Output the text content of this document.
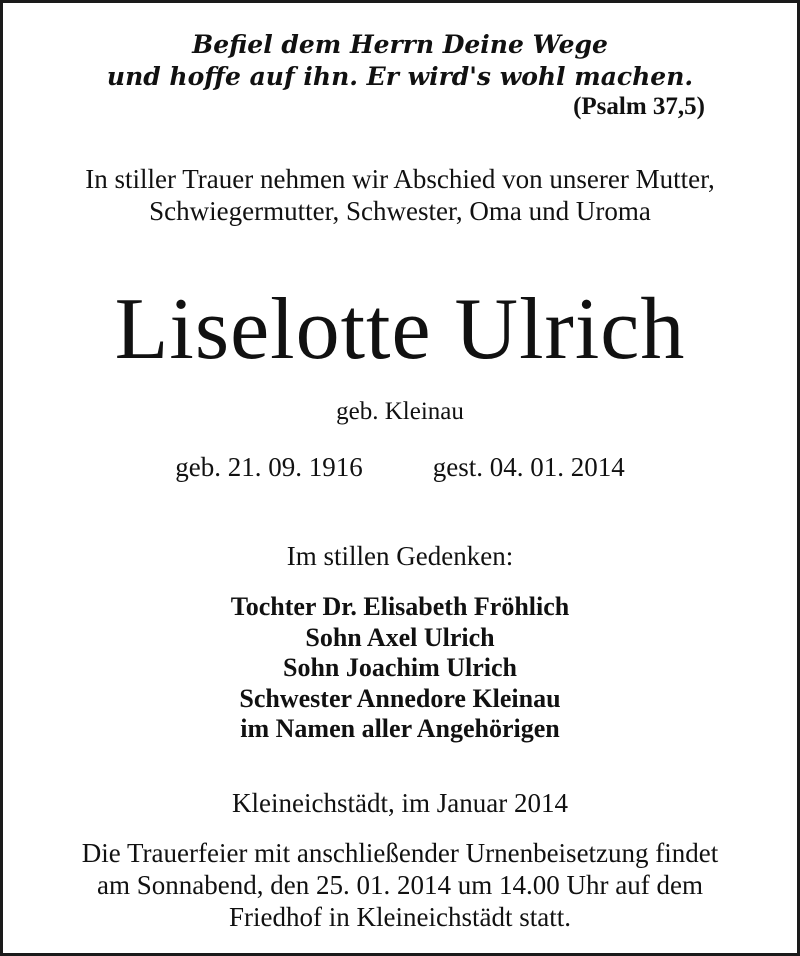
Befiel dem Herrn Deine Wege
und hoffe auf ihn. Er wird's wohl machen.
(Psalm 37,5)
In stiller Trauer nehmen wir Abschied von unserer Mutter,
Schwiegermutter, Schwester, Oma und Uroma
Liselotte Ulrich
geb. Kleinau
geb. 21. 09. 1916	gest. 04. 01. 2014
Im stillen Gedenken:
Tochter Dr. Elisabeth Fröhlich
Sohn Axel Ulrich
Sohn Joachim Ulrich
Schwester Annedore Kleinau
im Namen aller Angehörigen
Kleineichstädt, im Januar 2014
Die Trauerfeier mit anschließender Urnenbeisetzung findet
am Sonnabend, den 25. 01. 2014 um 14.00 Uhr auf dem
Friedhof in Kleineichstädt statt.
